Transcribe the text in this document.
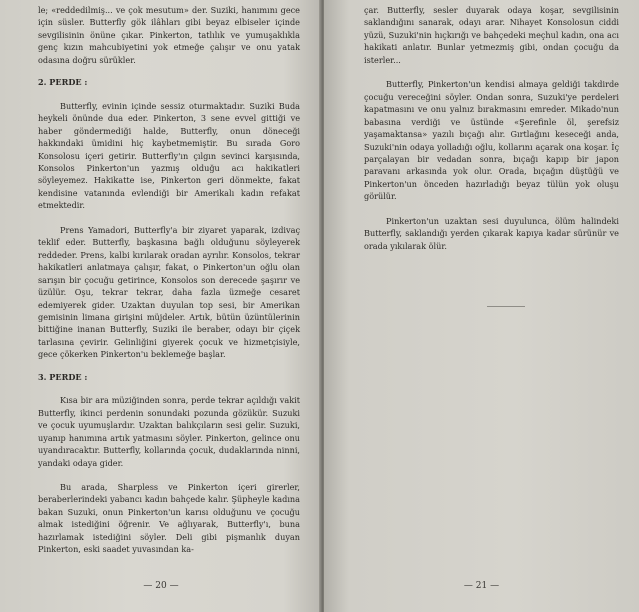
le; «reddedilmiş... ve çok mesutum» der. Suziki, hanımını gece için süsler. Butterfly gök ilâhları gibi beyaz elbiseler içinde sevgilisinin önüne çıkar. Pinkerton, tatlılık ve yumuşaklıkla genç kızın mahcubiyetini yok etmeğe çalışır ve onu yatak odasına doğru sürükler.

2. PERDE :

Butterfly, evinin içinde sessiz oturmaktadır. Suziki Buda heykeli önünde dua eder. Pinkerton, 3 sene evvel gittiği ve haber göndermediği halde, Butterfly, onun döneceği hakkındaki ümidini hiç kaybetmemiştir. Bu sırada Goro Konsolosu içeri getirir. Butterfly'ın çılgın sevinci karşısında, Konsolos Pinkerton'un yazmış olduğu acı hakikatleri söyleyemez. Hakikatte ise, Pinkerton geri dönmekte, fakat kendisine vatanında evlendiği bir Amerikalı kadın refakat etmektedir.

Prens Yamadori, Butterfly'a bir ziyaret yaparak, izdivaç teklif eder. Butterfly, başkasına bağlı olduğunu söyleyerek reddeder. Prens, kalbi kırılarak oradan ayrılır. Konsolos, tekrar hakikatleri anlatmaya çalışır, fakat, o Pinkerton'un oğlu olan sarışın bir çocuğu getirince, Konsolos son derecede şaşırır ve üzülür. Oşu, tekrar tekrar, daha fazla üzmeğe cesaret edemiyerek gider. Uzaktan duyulan top sesi, bir Amerikan gemisinin limana girişini müjdeler. Artık, bütün üzüntülerinin bittiğine inanan Butterfly, Suziki ile beraber, odayı bir çiçek tarlasına çevirir. Gelinliğini giyerek çocuk ve hizmetçisiyle, gece çökerken Pinkerton'u beklemeğe başlar.

3. PERDE :

Kısa bir ara müziğinden sonra, perde tekrar açıldığı vakit Butterfly, ikinci perdenin sonundaki pozunda gözükür. Suzuki ve çocuk uyumuşlardır. Uzaktan balıkçıların sesi gelir. Suzuki, uyanıp hanımına artık yatmasını söyler. Pinkerton, gelince onu uyandıracaktır. Butterfly, kollarında çocuk, dudaklarında ninni, yandaki odaya gider.

Bu arada, Sharpless ve Pinkerton içeri girerler, beraberlerindeki yabancı kadın bahçede kalır. Şüpheyle kadına bakan Suzuki, onun Pinkerton'un karısı olduğunu ve çocuğu almak istediğini öğrenir. Ve ağlıyarak, Butterfly'ı, buna hazırlamak istediğini söyler. Deli gibi pişmanlık duyan Pinkerton, eski saadet yuvasından ka-

— 20 —

çar. Butterfly, sesler duyarak odaya koşar, sevgilisinin saklandığını sanarak, odayı arar. Nihayet Konsolosun ciddi yüzü, Suzuki'nin hıçkırığı ve bahçedeki meçhul kadın, ona acı hakikati anlatır. Bunlar yetmezmiş gibi, ondan çocuğu da isterler...

Butterfly, Pinkerton'un kendisi almaya geldiği takdirde çocuğu vereceğini söyler. Ondan sonra, Suzuki'ye perdeleri kapatmasını ve onu yalnız bırakmasını emreder. Mikado'nun babasına verdiği ve üstünde «Şerefinle öl, şerefsiz yaşamaktansa» yazılı bıçağı alır. Gırtlağını keseceği anda, Suzuki'nin odaya yolladığı oğlu, kollarını açarak ona koşar. İç parçalayan bir vedadan sonra, bıçağı kapıp bir japon paravanı arkasında yok olur. Orada, bıçağın düştüğü ve Pinkerton'un önceden hazırladığı beyaz tülün yok oluşu görülür.

Pinkerton'un uzaktan sesi duyulunca, ölüm halindeki Butterfly, saklandığı yerden çıkarak kapıya kadar sürünür ve orada yıkılarak ölür.

— 21 —
